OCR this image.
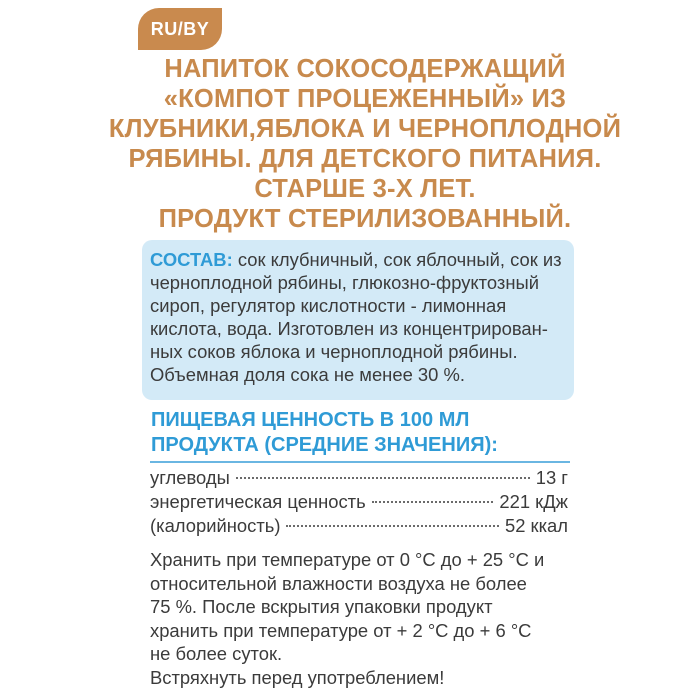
RU/BY
НАПИТОК СОКОСОДЕРЖАЩИЙ
«КОМПОТ ПРОЦЕЖЕННЫЙ» ИЗ
КЛУБНИКИ,ЯБЛОКА И ЧЕРНОПЛОДНОЙ
РЯБИНЫ. ДЛЯ ДЕТСКОГО ПИТАНИЯ.
СТАРШЕ 3-Х ЛЕТ.
ПРОДУКТ СТЕРИЛИЗОВАННЫЙ.
СОСТАВ: сок клубничный, сок яблочный, сок из
черноплодной рябины, глюкозно-фруктозный
сироп, регулятор кислотности - лимонная
кислота, вода. Изготовлен из концентрирован-
ных соков яблока и черноплодной рябины.
Объемная доля сока не менее 30 %.
ПИЩЕВАЯ ЦЕННОСТЬ В 100 МЛ
ПРОДУКТА (СРЕДНИЕ ЗНАЧЕНИЯ):
углеводы	13 г
энергетическая ценность	221 кДж
(калорийность)	52 ккал
Хранить при температуре от 0 °С до + 25 °С и
относительной влажности воздуха не более
75 %. После вскрытия упаковки продукт
хранить при температуре от + 2 °С до + 6 °С
не более суток.
Встряхнуть перед употреблением!
